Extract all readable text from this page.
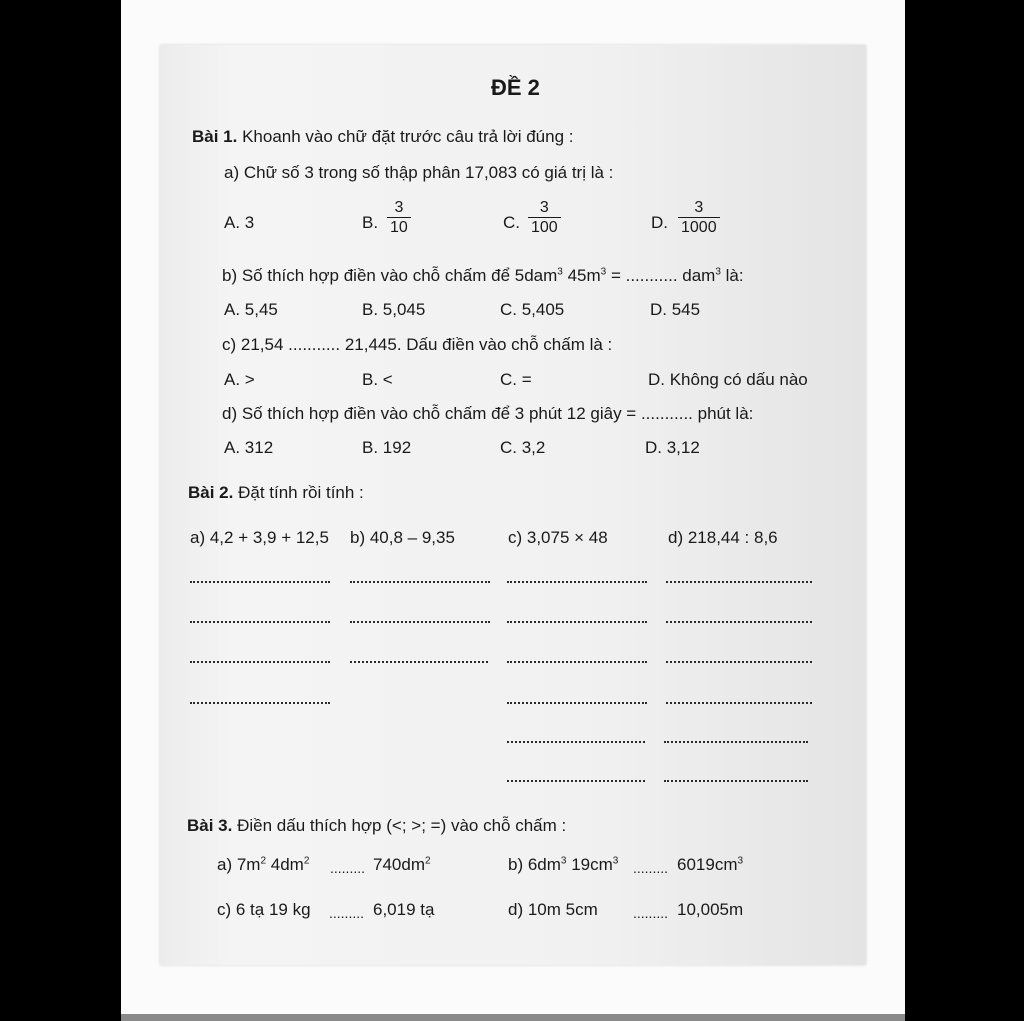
ĐỀ 2
Bài 1. Khoanh vào chữ đặt trước câu trả lời đúng :
a) Chữ số 3 trong số thập phân 17,083 có giá trị là :
A. 3	B. $\frac{3}{10}$	C. $\frac{3}{100}$	D. $\frac{3}{1000}$
b) Số thích hợp điền vào chỗ chấm để 5dam$^3$ $45m^3$ = ........... dam$^3$ là:
A. 5,45	B. 5,045	C. 5,405	D. 545
c) 21,54 ........... 21,445. Dấu điền vào chỗ chấm là :
A. >	B. <	C. =	D. Không có dấu nào
d) Số thích hợp điền vào chỗ chấm để 3 phút 12 giây = ........... phút là:
A. 312	B. 192	C. 3,2	D. 3,12
Bài 2. Đặt tính rồi tính :
a) 4,2 + 3,9 + 12,5 b) 40,8 – 9,35	c) 3,075 × 48	d) 218,44 : 8,6
Bài 3. Điền dấu thích hợp (<; >; =) vào chỗ chấm :
a) $7m^2$ $4dm^2$ ......... $740dm^2$	b) $6dm^3$ $19cm^3$ ......... $6019cm^3$
c) 6 tạ 19 kg ......... 6,019 tạ	d) 10m 5cm	......... 10,005m
